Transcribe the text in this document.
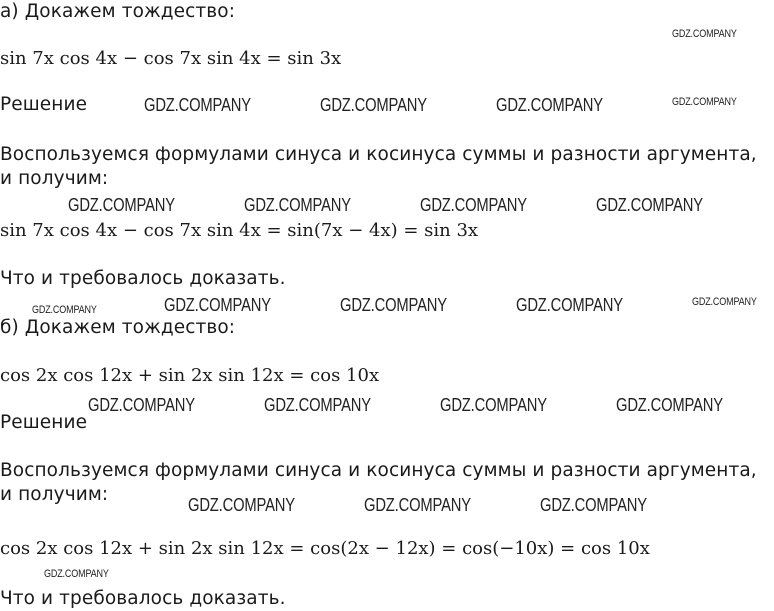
а) Докажем тождество:
sin 7x cos 4x − cos 7x sin 4x = sin 3x
Решение
Воспользуемся формулами синуса и косинуса суммы и разности аргумента, и получим:
sin 7x cos 4x − cos 7x sin 4x = sin(7x − 4x) = sin 3x
Что и требовалось доказать.
б) Докажем тождество:
cos 2x cos 12x + sin 2x sin 12x = cos 10x
Решение
Воспользуемся формулами синуса и косинуса суммы и разности аргумента, и получим:
cos 2x cos 12x + sin 2x sin 12x = cos(2x − 12x) = cos(−10x) = cos 10x
Что и требовалось доказать.
GDZ.COMPANY
GDZ.COMPANY	GDZ.COMPANY	GDZ.COMPANY	GDZ.COMPANY
GDZ.COMPANY	GDZ.COMPANY	GDZ.COMPANY	GDZ.COMPANY
GDZ.COMPANY	GDZ.COMPANY	GDZ.COMPANY	GDZ.COMPANY	GDZ.COMPANY
GDZ.COMPANY	GDZ.COMPANY	GDZ.COMPANY	GDZ.COMPANY
GDZ.COMPANY	GDZ.COMPANY	GDZ.COMPANY
GDZ.COMPANY
